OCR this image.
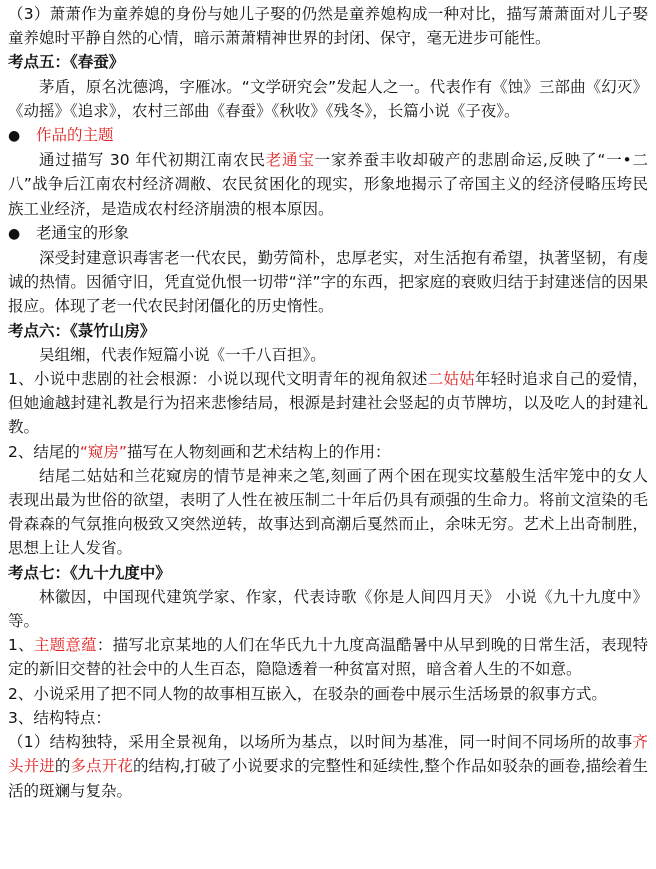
（3）萧萧作为童养媳的身份与她儿子娶的仍然是童养媳构成一种对比，描写萧萧面对儿子娶童养媳时平静自然的心情，暗示萧萧精神世界的封闭、保守，毫无进步可能性。

考点五：《春蚕》

茅盾，原名沈德鸿，字雁冰。“文学研究会”发起人之一。代表作有《蚀》三部曲《幻灭》《动摇》《追求》，农村三部曲《春蚕》《秋收》《残冬》，长篇小说《子夜》。

●	作品的主题

通过描写 30 年代初期江南农民老通宝一家养蚕丰收却破产的悲剧命运,反映了“一•二八”战争后江南农村经济凋敝、农民贫困化的现实，形象地揭示了帝国主义的经济侵略压垮民族工业经济，是造成农村经济崩溃的根本原因。

●	老通宝的形象

深受封建意识毒害老一代农民，勤劳简朴，忠厚老实，对生活抱有希望，执著坚韧，有虔诚的热情。因循守旧，凭直觉仇恨一切带“洋”字的东西，把家庭的衰败归结于封建迷信的因果报应。体现了老一代农民封闭僵化的历史惰性。

考点六：《菉竹山房》

吴组缃，代表作短篇小说《一千八百担》。

1、小说中悲剧的社会根源：小说以现代文明青年的视角叙述二姑姑年轻时追求自己的爱情，但她逾越封建礼教是行为招来悲惨结局，根源是封建社会竖起的贞节牌坊，以及吃人的封建礼教。

2、结尾的“窥房”描写在人物刻画和艺术结构上的作用：

结尾二姑姑和兰花窥房的情节是神来之笔,刻画了两个困在现实坟墓般生活牢笼中的女人表现出最为世俗的欲望，表明了人性在被压制二十年后仍具有顽强的生命力。将前文渲染的毛骨森森的气氛推向极致又突然逆转，故事达到高潮后戛然而止，余味无穷。艺术上出奇制胜，思想上让人发省。

考点七：《九十九度中》

林徽因，中国现代建筑学家、作家，代表诗歌《你是人间四月天》 小说《九十九度中》等。

1、主题意蕴：描写北京某地的人们在华氏九十九度高温酷暑中从早到晚的日常生活，表现特定的新旧交替的社会中的人生百态，隐隐透着一种贫富对照，暗含着人生的不如意。

2、小说采用了把不同人物的故事相互嵌入，在驳杂的画卷中展示生活场景的叙事方式。

3、结构特点：

（1）结构独特，采用全景视角，以场所为基点，以时间为基准，同一时间不同场所的故事齐头并进的多点开花的结构,打破了小说要求的完整性和延续性,整个作品如驳杂的画卷,描绘着生活的斑斓与复杂。
